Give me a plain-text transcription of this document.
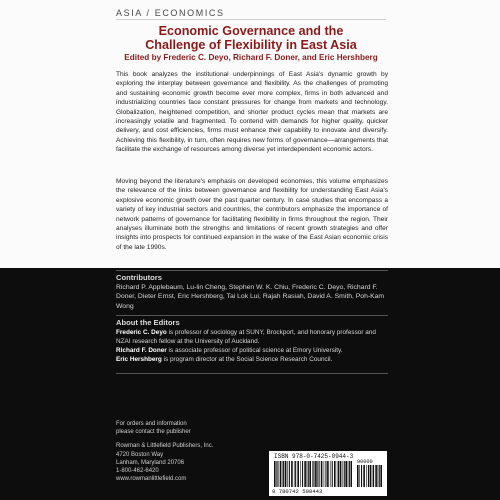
ASIA / ECONOMICS
Economic Governance and the
Challenge of Flexibility in East Asia
Edited by Frederic C. Deyo, Richard F. Doner, and Eric Hershberg
This book analyzes the institutional underpinnings of East Asia's dynamic growth by exploring the interplay between governance and flexibility. As the challenges of promoting and sustaining economic growth become ever more complex, firms in both advanced and industrializing countries face constant pressures for change from markets and technology. Globalization, heightened competition, and shorter product cycles mean that markets are increasingly volatile and fragmented. To contend with demands for higher quality, quicker delivery, and cost efficiencies, firms must enhance their capability to innovate and diversify. Achieving this flexibility, in turn, often requires new forms of governance—arrangements that facilitate the exchange of resources among diverse yet interdependent economic actors.
Moving beyond the literature's emphasis on developed economies, this volume emphasizes the relevance of the links between governance and flexibility for understanding East Asia's explosive economic growth over the past quarter century. In case studies that encompass a variety of key industrial sectors and countries, the contributors emphasize the importance of network patterns of governance for facilitating flexibility in firms throughout the region. Their analyses illuminate both the strengths and limitations of recent growth strategies and offer insights into prospects for continued expansion in the wake of the East Asian economic crisis of the late 1990s.
Contributors
Richard P. Applebaum, Lu-lin Cheng, Stephen W. K. Chiu, Frederic C. Deyo, Richard F. Doner, Dieter Ernst, Eric Hershberg, Tai Lok Lui, Rajah Rasiah, David A. Smith, Poh-Kam Wong
About the Editors
Frederic C. Deyo is professor of sociology at SUNY, Brockport, and honorary professor and NZAI research fellow at the University of Auckland.
Richard F. Doner is associate professor of political science at Emory University.
Eric Hershberg is program director at the Social Science Research Council.
For orders and information
please contact the publisher
Rowman & Littlefield Publishers, Inc.
4720 Boston Way
Lanham, Maryland 20706
1-800-462-6420
www.rowmanlittlefield.com
ISBN 978-0-7425-0944-3
90000
9 780742 509443
